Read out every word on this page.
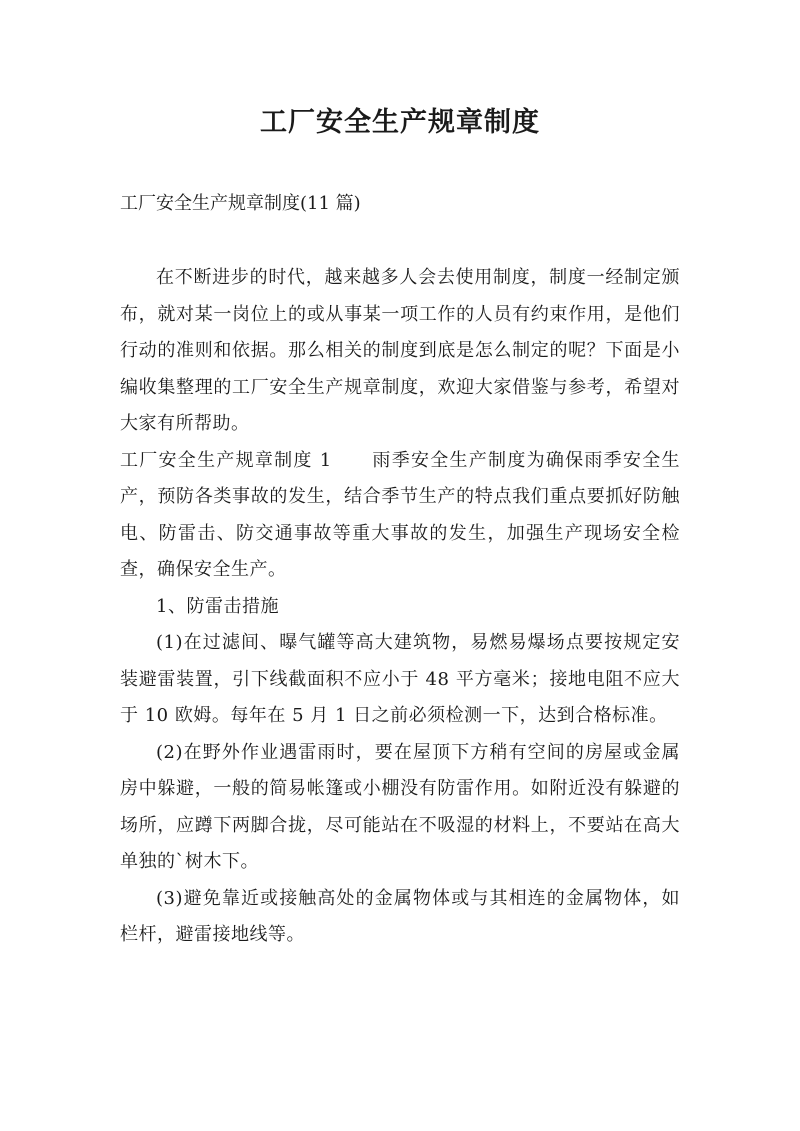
工厂安全生产规章制度
工厂安全生产规章制度(11 篇)

在不断进步的时代，越来越多人会去使用制度，制度一经制定颁布，就对某一岗位上的或从事某一项工作的人员有约束作用，是他们行动的准则和依据。那么相关的制度到底是怎么制定的呢？下面是小编收集整理的工厂安全生产规章制度，欢迎大家借鉴与参考，希望对大家有所帮助。

工厂安全生产规章制度 1 雨季安全生产制度为确保雨季安全生产，预防各类事故的发生，结合季节生产的特点我们重点要抓好防触电、防雷击、防交通事故等重大事故的发生，加强生产现场安全检查，确保安全生产。

1、防雷击措施

(1)在过滤间、曝气罐等高大建筑物，易燃易爆场点要按规定安装避雷装置，引下线截面积不应小于 48 平方毫米；接地电阻不应大于 10 欧姆。每年在 5 月 1 日之前必须检测一下，达到合格标准。

(2)在野外作业遇雷雨时，要在屋顶下方稍有空间的房屋或金属房中躲避，一般的简易帐篷或小棚没有防雷作用。如附近没有躲避的场所，应蹲下两脚合拢，尽可能站在不吸湿的材料上，不要站在高大单独的`树木下。

(3)避免靠近或接触高处的金属物体或与其相连的金属物体，如栏杆，避雷接地线等。
